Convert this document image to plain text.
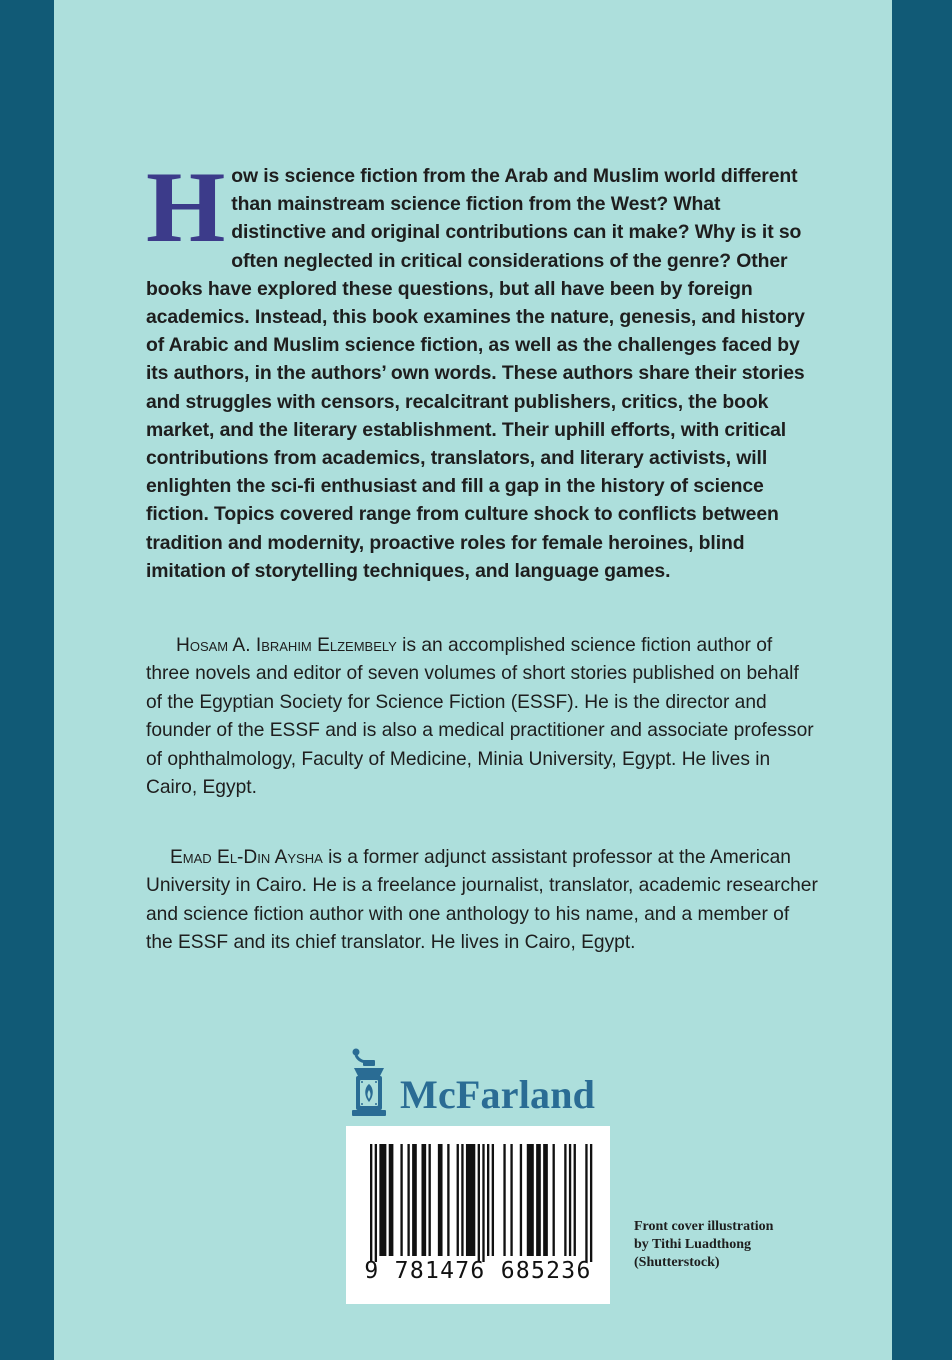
How is science fiction from the Arab and Muslim world different than mainstream science fiction from the West? What distinctive and original contributions can it make? Why is it so often neglected in critical considerations of the genre? Other books have explored these questions, but all have been by foreign academics. Instead, this book examines the nature, genesis, and history of Arabic and Muslim science fiction, as well as the challenges faced by its authors, in the authors’ own words. These authors share their stories and struggles with censors, recalcitrant publishers, critics, the book market, and the literary establishment. Their uphill efforts, with critical contributions from academics, translators, and literary activists, will enlighten the sci-fi enthusiast and fill a gap in the history of science fiction. Topics covered range from culture shock to conflicts between tradition and modernity, proactive roles for female heroines, blind imitation of storytelling techniques, and language games.

Hosam A. Ibrahim Elzembely is an accomplished science fiction author of three novels and editor of seven volumes of short stories published on behalf of the Egyptian Society for Science Fiction (ESSF). He is the director and founder of the ESSF and is also a medical practitioner and associate professor of ophthalmology, Faculty of Medicine, Minia University, Egypt. He lives in Cairo, Egypt.

Emad El-Din Aysha is a former adjunct assistant professor at the American University in Cairo. He is a freelance journalist, translator, academic researcher and science fiction author with one anthology to his name, and a member of the ESSF and its chief translator. He lives in Cairo, Egypt.

McFarland
9 781476 685236
Front cover illustration
by Tithi Luadthong
(Shutterstock)
